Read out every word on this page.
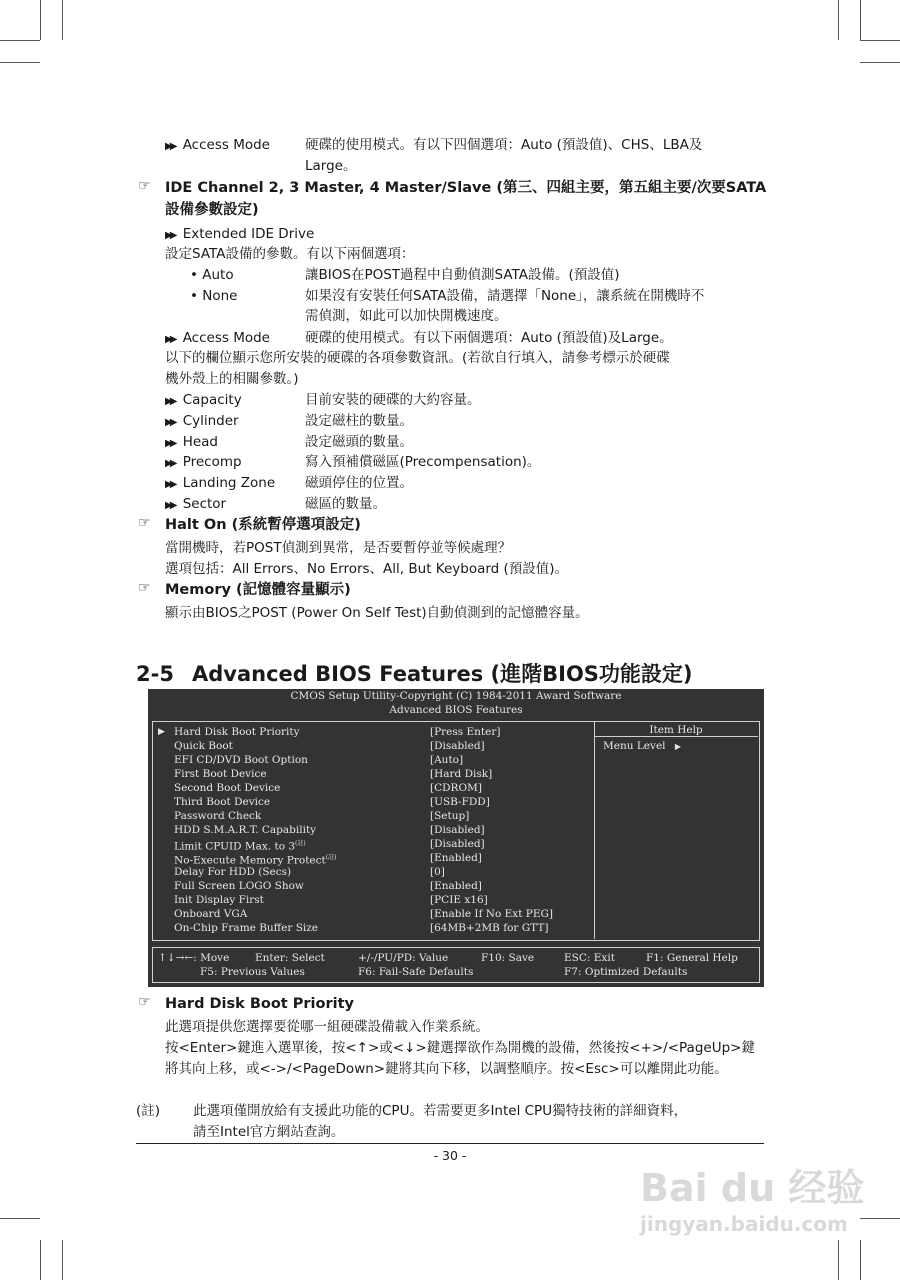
▶▶ Access Mode	硬碟的使用模式。有以下四個選項：Auto (預設值)、CHS、LBA及
Large。
☞ IDE Channel 2, 3 Master, 4 Master/Slave (第三、四組主要，第五組主要/次要SATA
設備參數設定)
▶▶ Extended IDE Drive
設定SATA設備的參數。有以下兩個選項：
• Auto	讓BIOS在POST過程中自動偵測SATA設備。(預設值)
• None	如果沒有安裝任何SATA設備，請選擇「None」，讓系統在開機時不
需偵測，如此可以加快開機速度。
▶▶ Access Mode	硬碟的使用模式。有以下兩個選項：Auto (預設值)及Large。
以下的欄位顯示您所安裝的硬碟的各項參數資訊。(若欲自行填入，請參考標示於硬碟
機外殼上的相關參數。)
▶▶ Capacity	目前安裝的硬碟的大約容量。
▶▶ Cylinder	設定磁柱的數量。
▶▶ Head	設定磁頭的數量。
▶▶ Precomp	寫入預補償磁區(Precompensation)。
▶▶ Landing Zone 磁頭停住的位置。
▶▶ Sector	磁區的數量。
☞ Halt On (系統暫停選項設定)
當開機時，若POST偵測到異常，是否要暫停並等候處理？
選項包括：All Errors、No Errors、All, But Keyboard (預設值)。
☞ Memory (記憶體容量顯示)
顯示由BIOS之POST (Power On Self Test)自動偵測到的記憶體容量。
2-5 Advanced BIOS Features (進階BIOS功能設定)
CMOS Setup Utility-Copyright (C) 1984-2011 Award Software
Advanced BIOS Features
▶ Hard Disk Boot Priority	[Press Enter]
Quick Boot	[Disabled]
EFI CD/DVD Boot Option	[Auto]
First Boot Device	[Hard Disk]
Second Boot Device	[CDROM]
Third Boot Device	[USB-FDD]
Password Check	[Setup]
HDD S.M.A.R.T. Capability	[Disabled]
Limit CPUID Max. to $3^{(註)}$	[Disabled]
No-Execute Memory Protect$^{(註)}$	[Enabled]
Delay For HDD (Secs)	[0]
Full Screen LOGO Show	[Enabled]
Init Display First	[PCIE x16]
Onboard VGA	[Enable If No Ext PEG]
On-Chip Frame Buffer Size	[64MB+2MB for GTT]
Item Help
Menu Level ▶
↑↓→←: Move Enter: Select	+/-/PU/PD: Value	F10: Save	ESC: Exit	F1: General Help
F5: Previous Values	F6: Fail-Safe Defaults	F7: Optimized Defaults
☞ Hard Disk Boot Priority
此選項提供您選擇要從哪一組硬碟設備載入作業系統。
按<Enter>鍵進入選單後，按<↑>或<↓>鍵選擇欲作為開機的設備，然後按<+>/<PageUp>鍵
將其向上移，或<->/<PageDown>鍵將其向下移，以調整順序。按<Esc>可以離開此功能。
(註) 此選項僅開放給有支援此功能的CPU。若需要更多Intel CPU獨特技術的詳細資料，
請至Intel官方網站查詢。
- 30 -
Bai du 经验
jingyan.baidu.com
